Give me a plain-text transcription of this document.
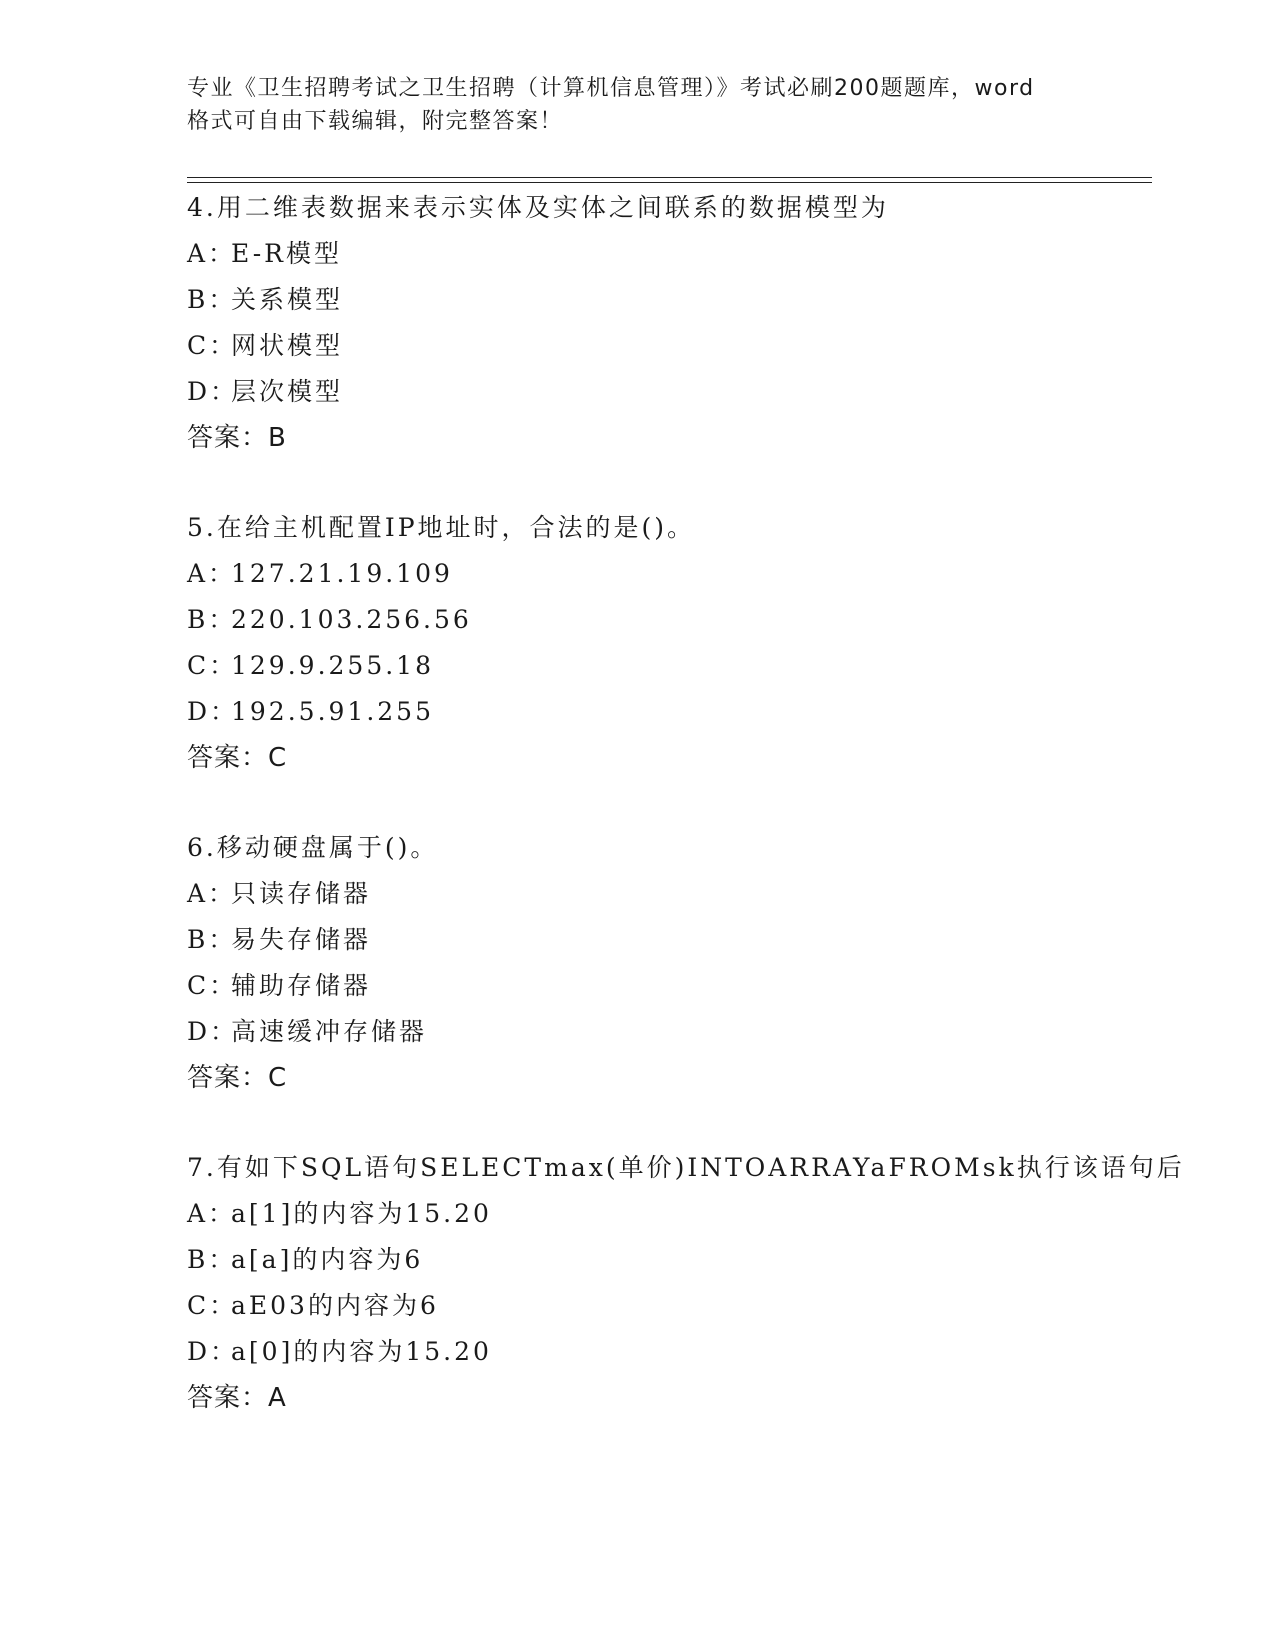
专业《卫生招聘考试之卫生招聘（计算机信息管理）》考试必刷200题题库，word
格式可自由下载编辑，附完整答案！
4.用二维表数据来表示实体及实体之间联系的数据模型为
A：E-R模型
B：关系模型
C：网状模型
D：层次模型
答案：B
5.在给主机配置IP地址时，合法的是()。
A：127.21.19.109
B：220.103.256.56
C：129.9.255.18
D：192.5.91.255
答案：C
6.移动硬盘属于()。
A：只读存储器
B：易失存储器
C：辅助存储器
D：高速缓冲存储器
答案：C
7.有如下SQL语句SELECTmax(单价)INTOARRAYaFROMsk执行该语句后
A：a[1]的内容为15.20
B：a[a]的内容为6
C：aE03的内容为6
D：a[0]的内容为15.20
答案：A
